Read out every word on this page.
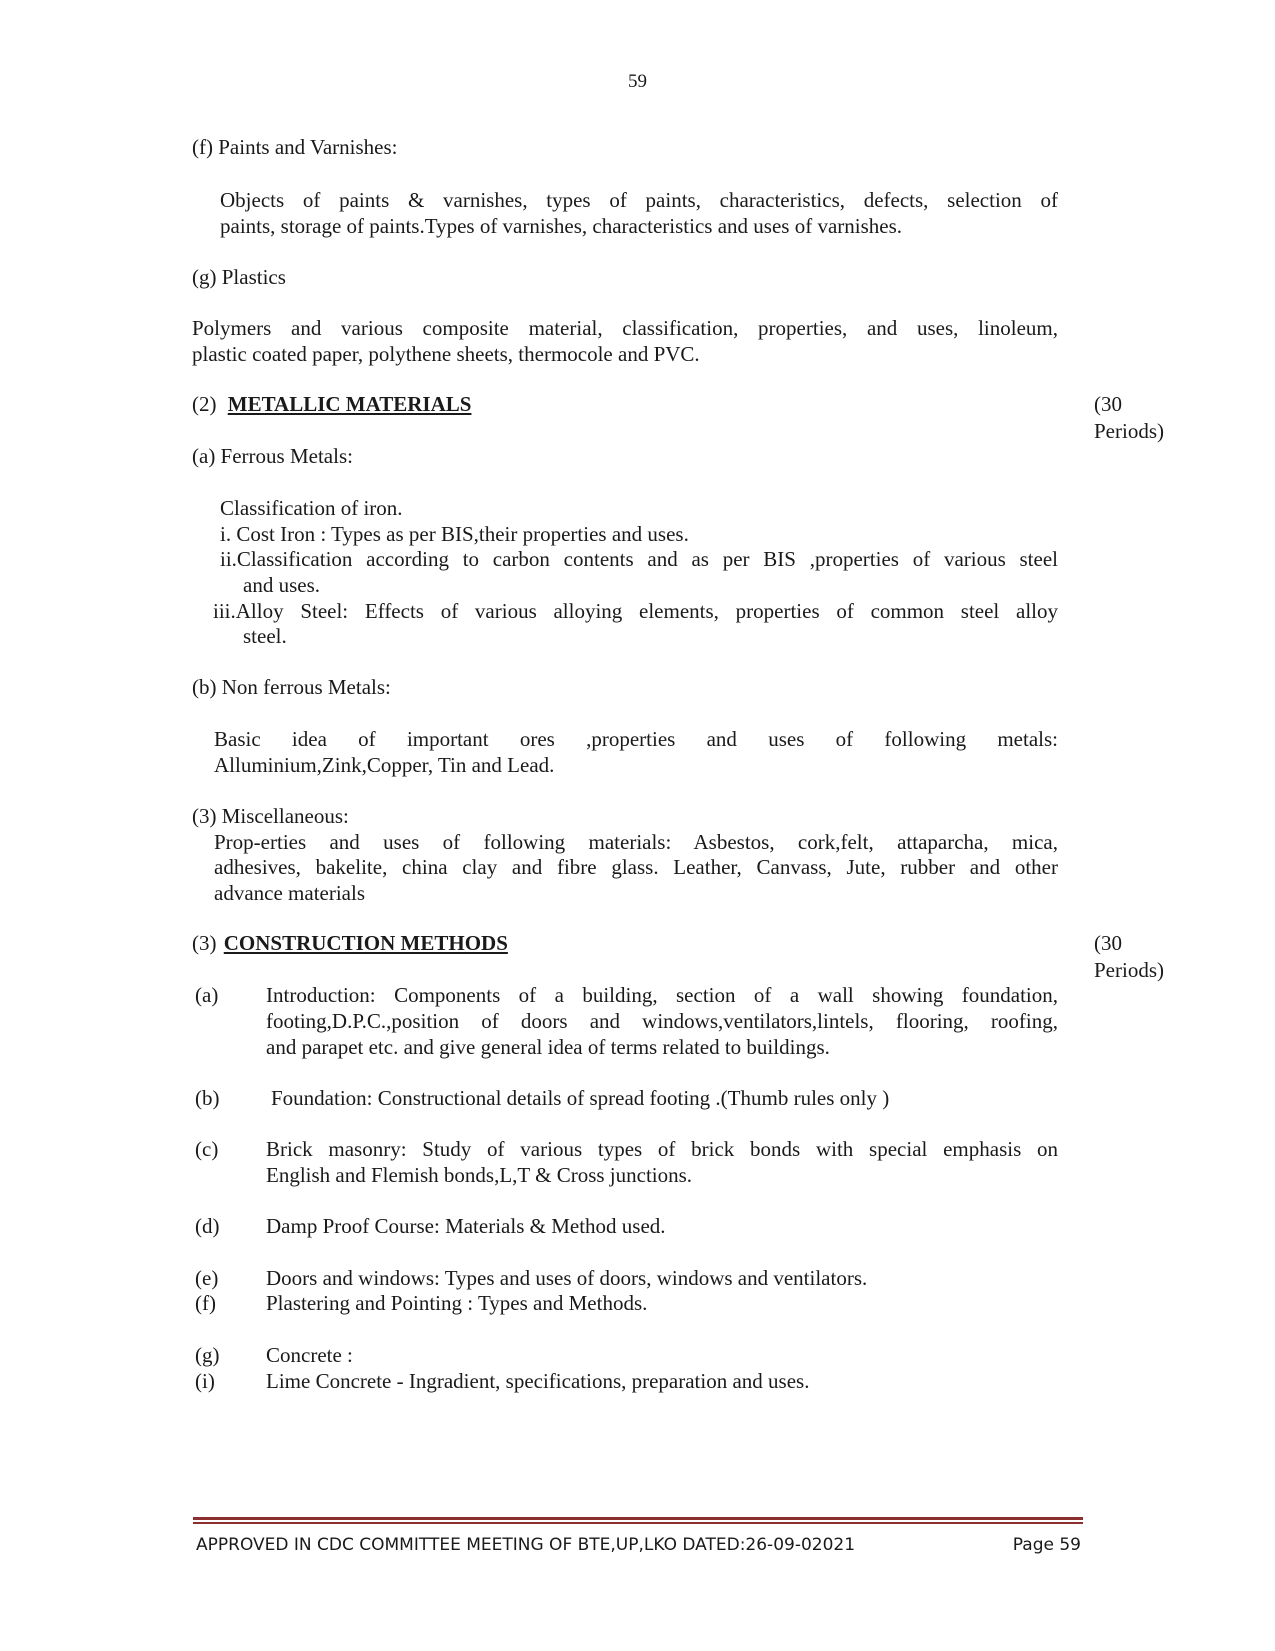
59
(f) Paints and Varnishes:
Objects of paints & varnishes, types of paints, characteristics, defects, selection of
paints, storage of paints.Types of varnishes, characteristics and uses of varnishes.
(g) Plastics
Polymers and various composite material, classification, properties, and uses, linoleum,
plastic coated paper, polythene sheets, thermocole and PVC.
(2) METALLIC MATERIALS	(30 Periods)
(a) Ferrous Metals:
Classification of iron.
i. Cost Iron : Types as per BIS,their properties and uses.
ii.Classification according to carbon contents and as per BIS ,properties of various steel
and uses.
iii.Alloy Steel: Effects of various alloying elements, properties of common steel alloy
steel.
(b) Non ferrous Metals:
Basic idea of important ores ,properties and uses of following metals:
Alluminium,Zink,Copper, Tin and Lead.
(3) Miscellaneous:
Prop-erties and uses of following materials: Asbestos, cork,felt, attaparcha, mica,
adhesives, bakelite, china clay and fibre glass. Leather, Canvass, Jute, rubber and other
advance materials
(3) CONSTRUCTION METHODS	(30 Periods)
(a) Introduction: Components of a building, section of a wall showing foundation,
footing,D.P.C.,position of doors and windows,ventilators,lintels, flooring, roofing,
and parapet etc. and give general idea of terms related to buildings.
(b) Foundation: Constructional details of spread footing .(Thumb rules only )
(c) Brick masonry: Study of various types of brick bonds with special emphasis on
English and Flemish bonds,L,T & Cross junctions.
(d) Damp Proof Course: Materials & Method used.
(e) Doors and windows: Types and uses of doors, windows and ventilators.
(f) Plastering and Pointing : Types and Methods.
(g) Concrete :
(i) Lime Concrete - Ingradient, specifications, preparation and uses.
APPROVED IN CDC COMMITTEE MEETING OF BTE,UP,LKO DATED:26-09-02021	Page 59
